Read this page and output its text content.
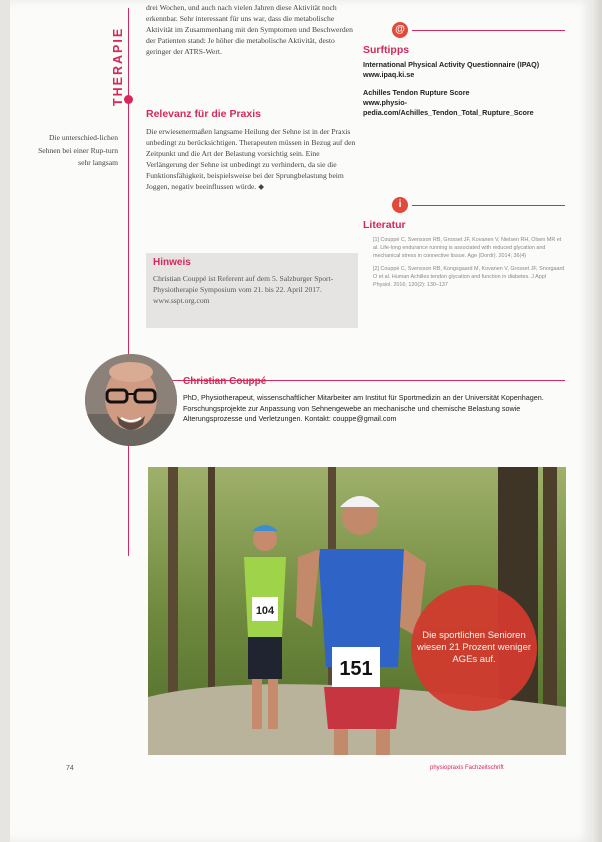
THERAPIE
Die unterschied-lichen Sehnen bei einer Rup-turn sehr langsam

drei Wochen, und auch nach vielen Jahren diese Aktivität noch erkennbar. Sehr interessant für uns war, dass die metabolische Aktivität im Zusammenhang mit den Symptomen und Beschwerden der Patienten stand: Je höher die metabolische Aktivität, desto geringer der ATRS-Wert.

Relevanz für die Praxis

Die erwiesenermaßen langsame Heilung der Sehne ist in der Praxis unbedingt zu berücksichtigen. Therapeuten müssen in Bezug auf den Zeitpunkt und die Art der Belastung vorsichtig sein. Eine Verlängerung der Sehne ist unbedingt zu verhindern, da sie die Funktionsfähigkeit, beispielsweise bei der Sprungbelastung beim Joggen, negativ beeinflussen würde. ◆

Hinweis
Christian Couppé ist Referent auf dem 5. Salzburger Sport-Physiotherapie Symposium vom 21. bis 22. April 2017. www.sspt.org.com
@
Surftipps
International Physical Activity Questionnaire (IPAQ)
www.ipaq.ki.se
Achilles Tendon Rupture Score
www.physio-pedia.com/Achilles_Tendon_Total_Rupture_Score
i
Literatur

[1] Couppé C, Svensson RB, Grosset JF, Kovanen V, Nielsen RH, Olsen MR et al. Life-long endurance running is associated with reduced glycation and mechanical stress in connective tissue. Age (Dordr). 2014; 36(4)

[2] Couppé C, Svensson RB, Kongsgaard M, Kovanen V, Grosset JF, Snorgaard O et al. Human Achilles tendon glycation and function in diabetes. J Appl Physiol. 2016; 120(2): 130–137

Christian Couppé
PhD, Physiotherapeut, wissenschaftlicher Mitarbeiter am Institut für Sportmedizin an der Universität Kopenhagen. Forschungsprojekte zur Anpassung von Sehnengewebe an mechanische und chemische Belastung sowie Alterungsprozesse und Verletzungen. Kontakt: couppe@gmail.com
104
151
Die sportlichen Senioren wiesen 21 Prozent weniger AGEs auf.
74	physiopraxis Fachzeitschrift
